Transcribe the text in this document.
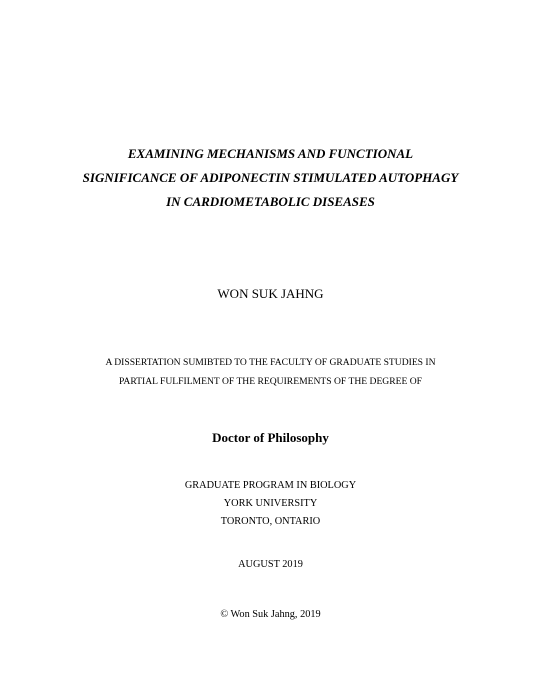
EXAMINING MECHANISMS AND FUNCTIONAL
SIGNIFICANCE OF ADIPONECTIN STIMULATED AUTOPHAGY
IN CARDIOMETABOLIC DISEASES
WON SUK JAHNG
A DISSERTATION SUMIBTED TO THE FACULTY OF GRADUATE STUDIES IN
PARTIAL FULFILMENT OF THE REQUIREMENTS OF THE DEGREE OF
Doctor of Philosophy
GRADUATE PROGRAM IN BIOLOGY
YORK UNIVERSITY
TORONTO, ONTARIO
AUGUST 2019
© Won Suk Jahng, 2019
